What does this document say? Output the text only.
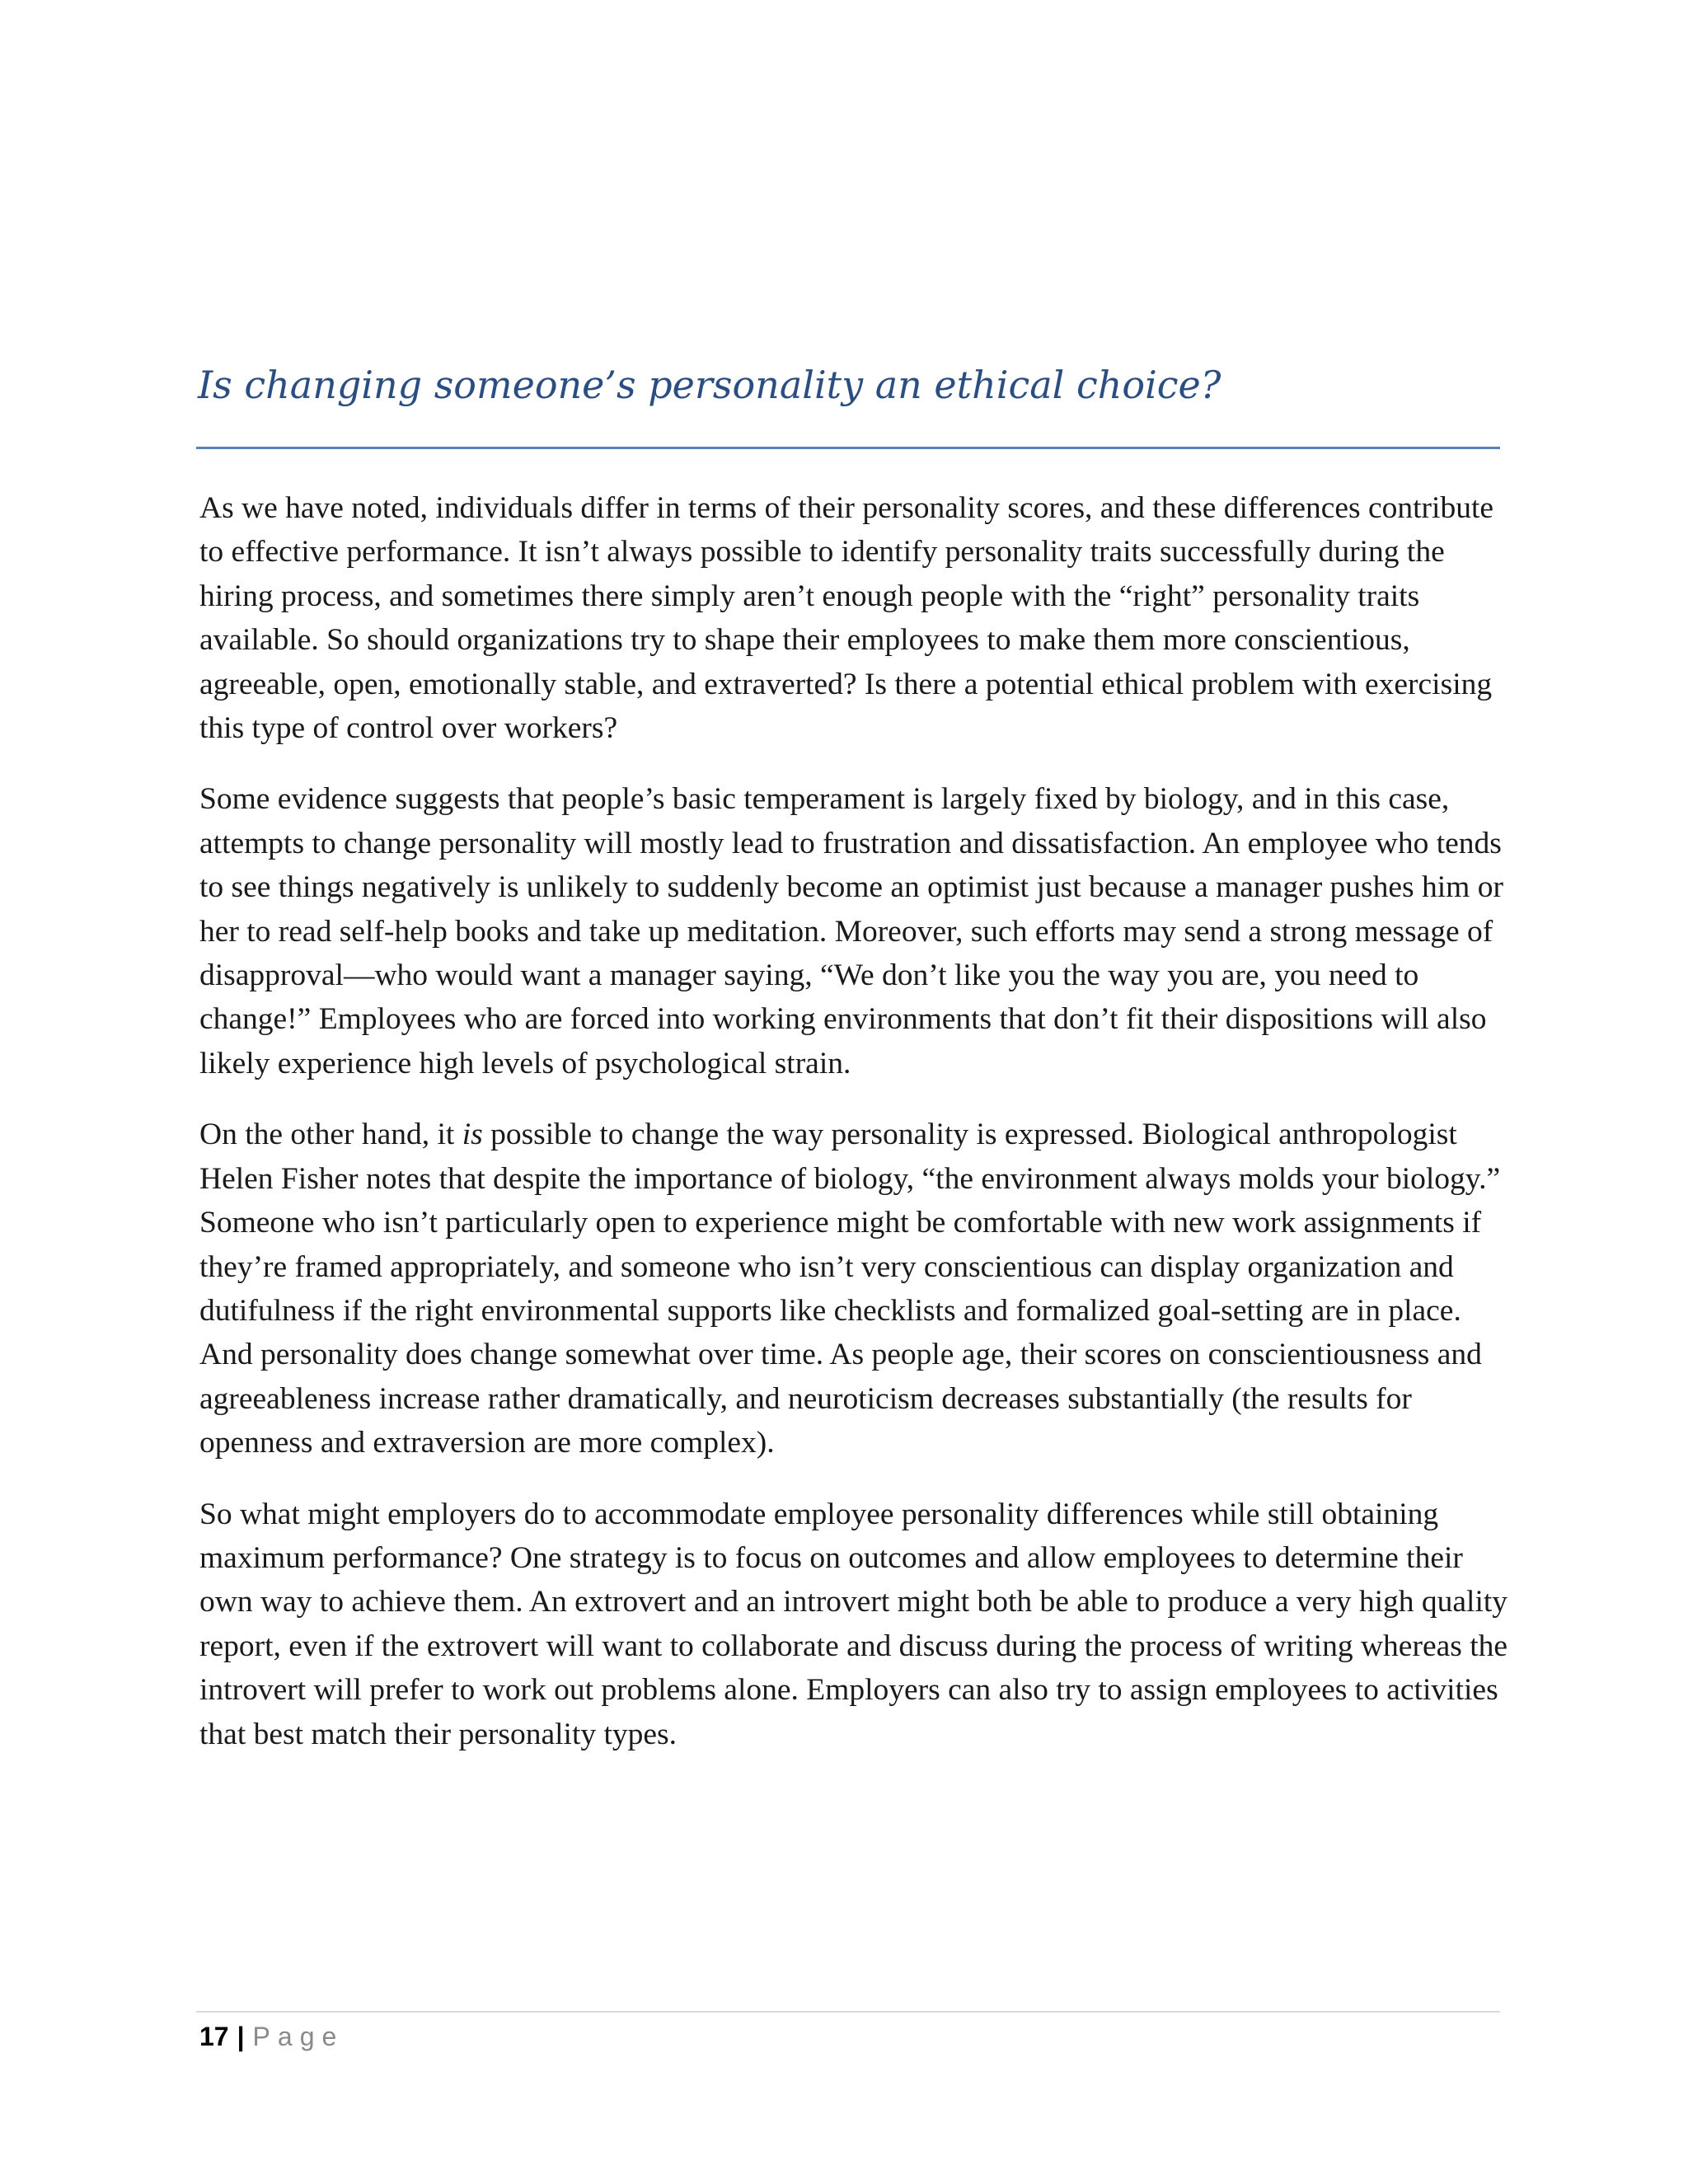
Is changing someone’s personality an ethical choice?

As we have noted, individuals differ in terms of their personality scores, and these differences contribute to effective performance. It isn’t always possible to identify personality traits successfully during the hiring process, and sometimes there simply aren’t enough people with the “right” personality traits available. So should organizations try to shape their employees to make them more conscientious, agreeable, open, emotionally stable, and extraverted? Is there a potential ethical problem with exercising this type of control over workers?

Some evidence suggests that people’s basic temperament is largely fixed by biology, and in this case, attempts to change personality will mostly lead to frustration and dissatisfaction. An employee who tends to see things negatively is unlikely to suddenly become an optimist just because a manager pushes him or her to read self-help books and take up meditation. Moreover, such efforts may send a strong message of disapproval—who would want a manager saying, “We don’t like you the way you are, you need to change!” Employees who are forced into working environments that don’t fit their dispositions will also likely experience high levels of psychological strain.

On the other hand, it is possible to change the way personality is expressed. Biological anthropologist Helen Fisher notes that despite the importance of biology, “the environment always molds your biology.” Someone who isn’t particularly open to experience might be comfortable with new work assignments if they’re framed appropriately, and someone who isn’t very conscientious can display organization and dutifulness if the right environmental supports like checklists and formalized goal-setting are in place. And personality does change somewhat over time. As people age, their scores on conscientiousness and agreeableness increase rather dramatically, and neuroticism decreases substantially (the results for openness and extraversion are more complex).

So what might employers do to accommodate employee personality differences while still obtaining maximum performance? One strategy is to focus on outcomes and allow employees to determine their own way to achieve them. An extrovert and an introvert might both be able to produce a very high quality report, even if the extrovert will want to collaborate and discuss during the process of writing whereas the introvert will prefer to work out problems alone. Employers can also try to assign employees to activities that best match their personality types.

17 | Page
